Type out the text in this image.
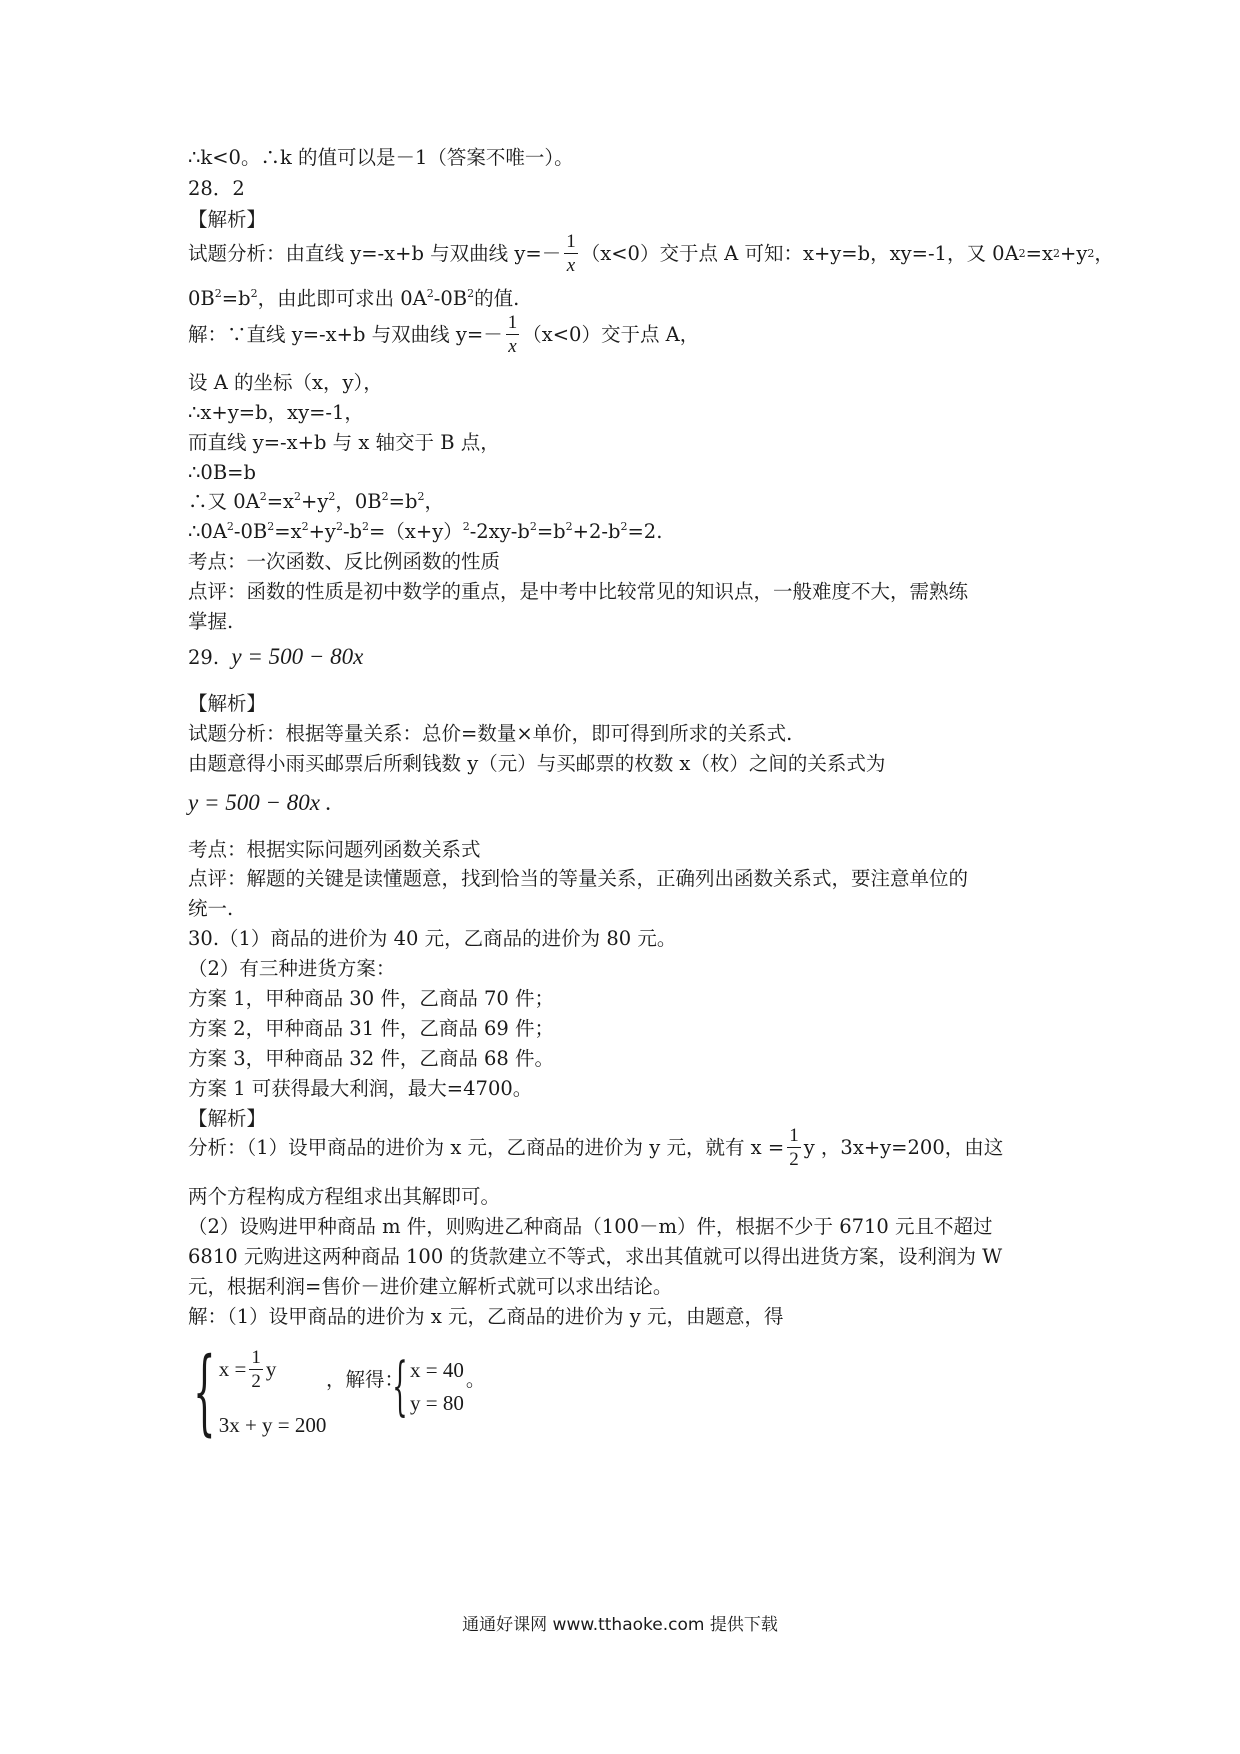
∴k<0。∴k 的值可以是－1（答案不唯一）。
28．2
【解析】
试题分析：由直线 y=-x+b 与双曲线 $y=- \frac{1}{x} (x<0)$交于点 A 可知：x+y=b，xy=-1，又 0A 2 =x 2 +y 2 ，
$0B^2=b^2$，由此即可求出 $0A^2-0B^2$的值.
解：∵直线 y=-x+b 与双曲线 $y=- \frac{1}{x} (x<0)$交于点 A，
设 A 的坐标（x，y），
∴x+y=b，xy=-1，
而直线 y=-x+b 与 x 轴交于 B 点，
∴0B=b
∴又 $0A^2=x^2+y^2$，$0B^2=b^2$，
$\therefore 0A^2-0B^2=x^2+y^2-b^2=(x+y)^2-2xy-b^2=b^2+2-b^2=2$.
考点：一次函数、反比例函数的性质
点评：函数的性质是初中数学的重点，是中考中比较常见的知识点，一般难度不大，需熟练
掌握.
29. y = 500 − 80x
【解析】
试题分析：根据等量关系：总价=数量×单价，即可得到所求的关系式.
由题意得小雨买邮票后所剩钱数 y（元）与买邮票的枚数 x（枚）之间的关系式为
y = 500 − 80x .
考点：根据实际问题列函数关系式
点评：解题的关键是读懂题意，找到恰当的等量关系，正确列出函数关系式，要注意单位的
统一.
30.（1）商品的进价为 40 元，乙商品的进价为 80 元。
（2）有三种进货方案：
方案 1，甲种商品 30 件，乙商品 70 件；
方案 2，甲种商品 31 件，乙商品 69 件；
方案 3，甲种商品 32 件，乙商品 68 件。
方案 1 可获得最大利润，最大=4700。
【解析】
分析：（1）设甲商品的进价为 x 元，乙商品的进价为 y 元，就有 $x = \frac{1}{2}$ y ，3x+y=200，由这
两个方程构成方程组求出其解即可。
（2）设购进甲种商品 m 件，则购进乙种商品（100－m）件，根据不少于 6710 元且不超过
6810 元购进这两种商品 100 的货款建立不等式，求出其值就可以得出进货方案，设利润为 W
元，根据利润=售价－进价建立解析式就可以求出结论。
解：（1）设甲商品的进价为 x 元，乙商品的进价为 y 元，由题意，得
{ $x = \frac{1}{2}$ y
3x + y = 200
，解得：
{ x = 40
y = 80
。
通通好课网 www.tthaoke.com 提供下载
